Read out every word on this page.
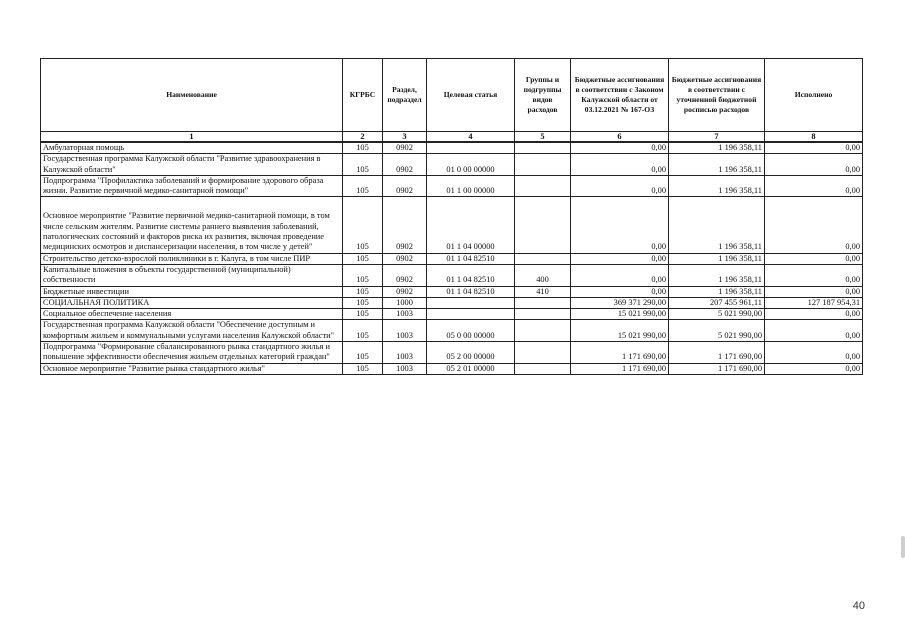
Наименование	КГРБС	Раздел, подраздел	Целевая статья	Группы и подгруппы видов расходов	Бюджетные ассигнования в соответствии с Законом Калужской области от 03.12.2021 № 167-ОЗ	Бюджетные ассигнования в соответствии с уточненной бюджетной росписью расходов	Исполнено
1	2	3	4	5	6	7	8
Амбулаторная помощь	105	0902			0,00	1 196 358,11	0,00
Государственная программа Калужской области "Развитие здравоохранения в Калужской области"	105	0902	01 0 00 00000		0,00	1 196 358,11	0,00
Подпрограмма "Профилактика заболеваний и формирование здорового образа жизни. Развитие первичной медико-санитарной помощи"	105	0902	01 1 00 00000		0,00	1 196 358,11	0,00
Основное мероприятие "Развитие первичной медико-санитарной помощи, в том числе сельским жителям. Развитие системы раннего выявления заболеваний, патологических состояний и факторов риска их развития, включая проведение медицинских осмотров и диспансеризации населения, в том числе у детей"	105	0902	01 1 04 00000		0,00	1 196 358,11	0,00
Строительство детско-взрослой поликлиники в г. Калуга, в том числе ПИР	105	0902	01 1 04 82510		0,00	1 196 358,11	0,00
Капитальные вложения в объекты государственной (муниципальной) собственности	105	0902	01 1 04 82510	400	0,00	1 196 358,11	0,00
Бюджетные инвестиции	105	0902	01 1 04 82510	410	0,00	1 196 358,11	0,00
СОЦИАЛЬНАЯ ПОЛИТИКА	105	1000			369 371 290,00	207 455 961,11	127 187 954,31
Социальное обеспечение населения	105	1003			15 021 990,00	5 021 990,00	0,00
Государственная программа Калужской области "Обеспечение доступным и комфортным жильем и коммунальными услугами населения Калужской области"	105	1003	05 0 00 00000		15 021 990,00	5 021 990,00	0,00
Подпрограмма "Формирование сбалансированного рынка стандартного жилья и повышение эффективности обеспечения жильем отдельных категорий граждан"	105	1003	05 2 00 00000		1 171 690,00	1 171 690,00	0,00
Основное мероприятие "Развитие рынка стандартного жилья"	105	1003	05 2 01 00000		1 171 690,00	1 171 690,00	0,00
40
